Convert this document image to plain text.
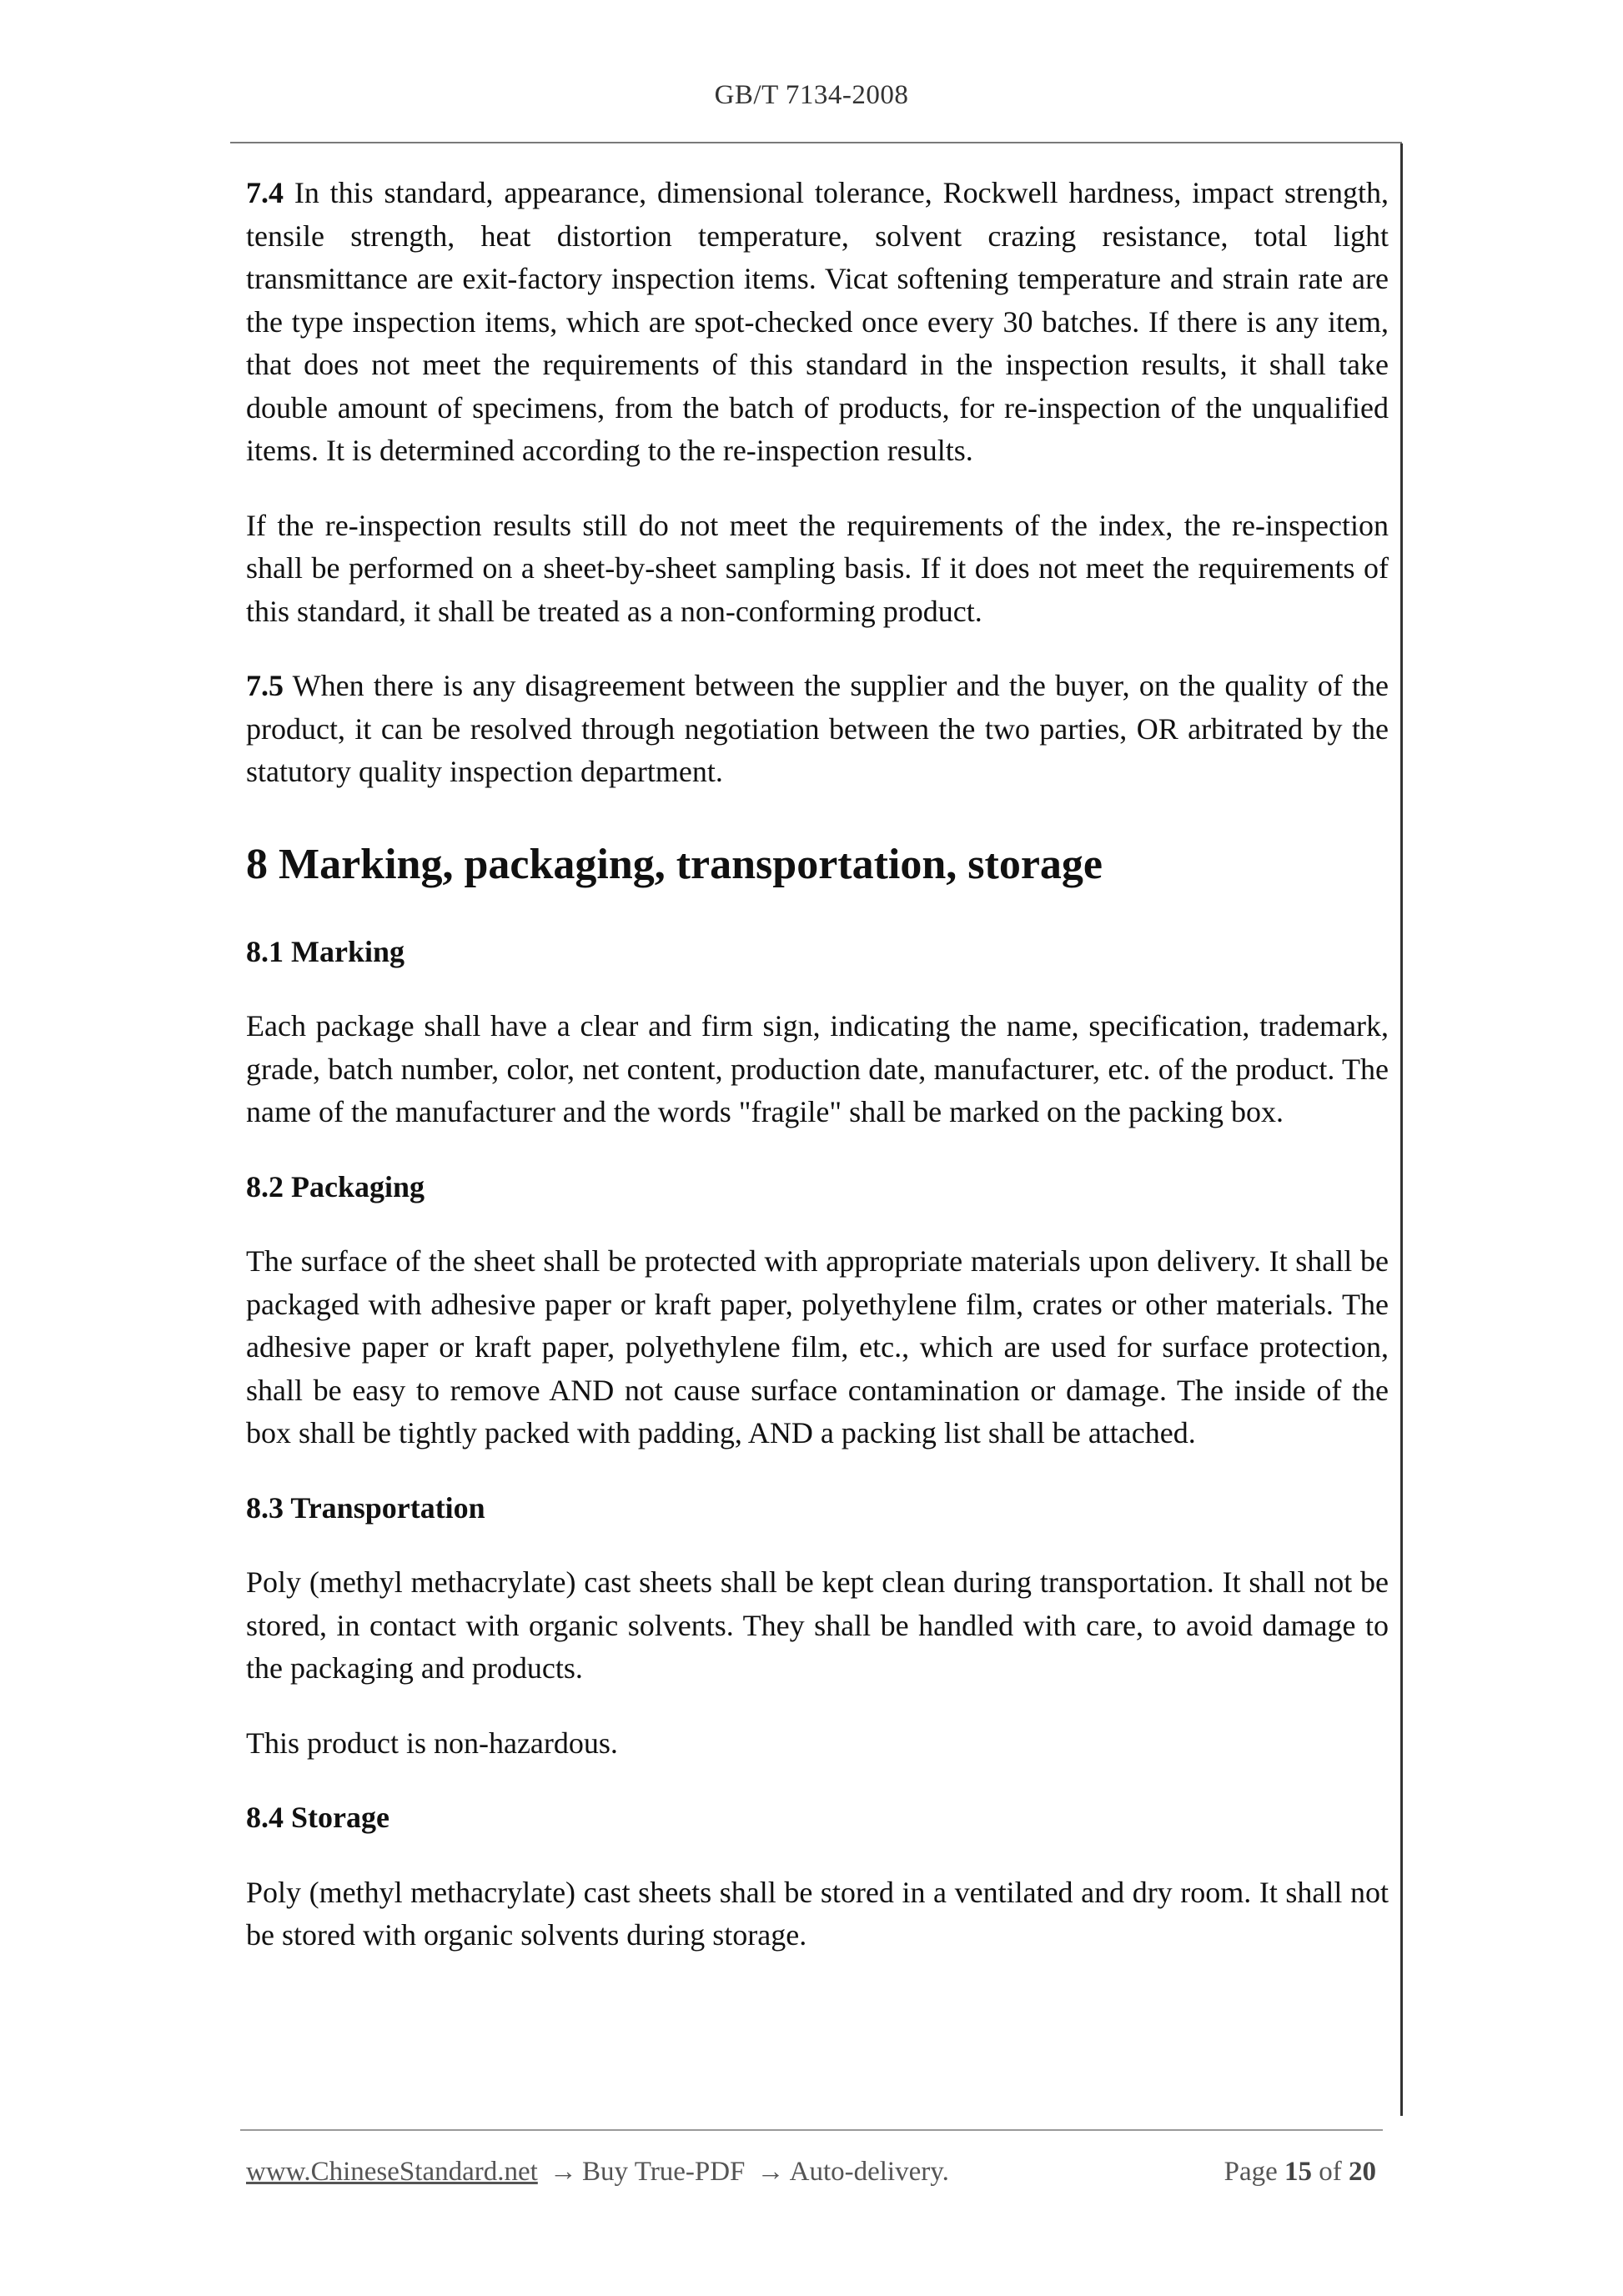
GB/T 7134-2008

7.4 In this standard, appearance, dimensional tolerance, Rockwell hardness, impact strength, tensile strength, heat distortion temperature, solvent crazing resistance, total light transmittance are exit-factory inspection items. Vicat softening temperature and strain rate are the type inspection items, which are spot-checked once every 30 batches. If there is any item, that does not meet the requirements of this standard in the inspection results, it shall take double amount of specimens, from the batch of products, for re-inspection of the unqualified items. It is determined according to the re-inspection results.

If the re-inspection results still do not meet the requirements of the index, the re-inspection shall be performed on a sheet-by-sheet sampling basis. If it does not meet the requirements of this standard, it shall be treated as a non-conforming product.

7.5 When there is any disagreement between the supplier and the buyer, on the quality of the product, it can be resolved through negotiation between the two parties, OR arbitrated by the statutory quality inspection department.

8 Marking, packaging, transportation, storage
8.1 Marking

Each package shall have a clear and firm sign, indicating the name, specification, trademark, grade, batch number, color, net content, production date, manufacturer, etc. of the product. The name of the manufacturer and the words "fragile" shall be marked on the packing box.

8.2 Packaging

The surface of the sheet shall be protected with appropriate materials upon delivery. It shall be packaged with adhesive paper or kraft paper, polyethylene film, crates or other materials. The adhesive paper or kraft paper, polyethylene film, etc., which are used for surface protection, shall be easy to remove AND not cause surface contamination or damage. The inside of the box shall be tightly packed with padding, AND a packing list shall be attached.

8.3 Transportation

Poly (methyl methacrylate) cast sheets shall be kept clean during transportation. It shall not be stored, in contact with organic solvents. They shall be handled with care, to avoid damage to the packaging and products.

This product is non-hazardous.

8.4 Storage

Poly (methyl methacrylate) cast sheets shall be stored in a ventilated and dry room. It shall not be stored with organic solvents during storage.

www.ChineseStandard.net → Buy True-PDF → Auto-delivery.	Page 15 of 20
